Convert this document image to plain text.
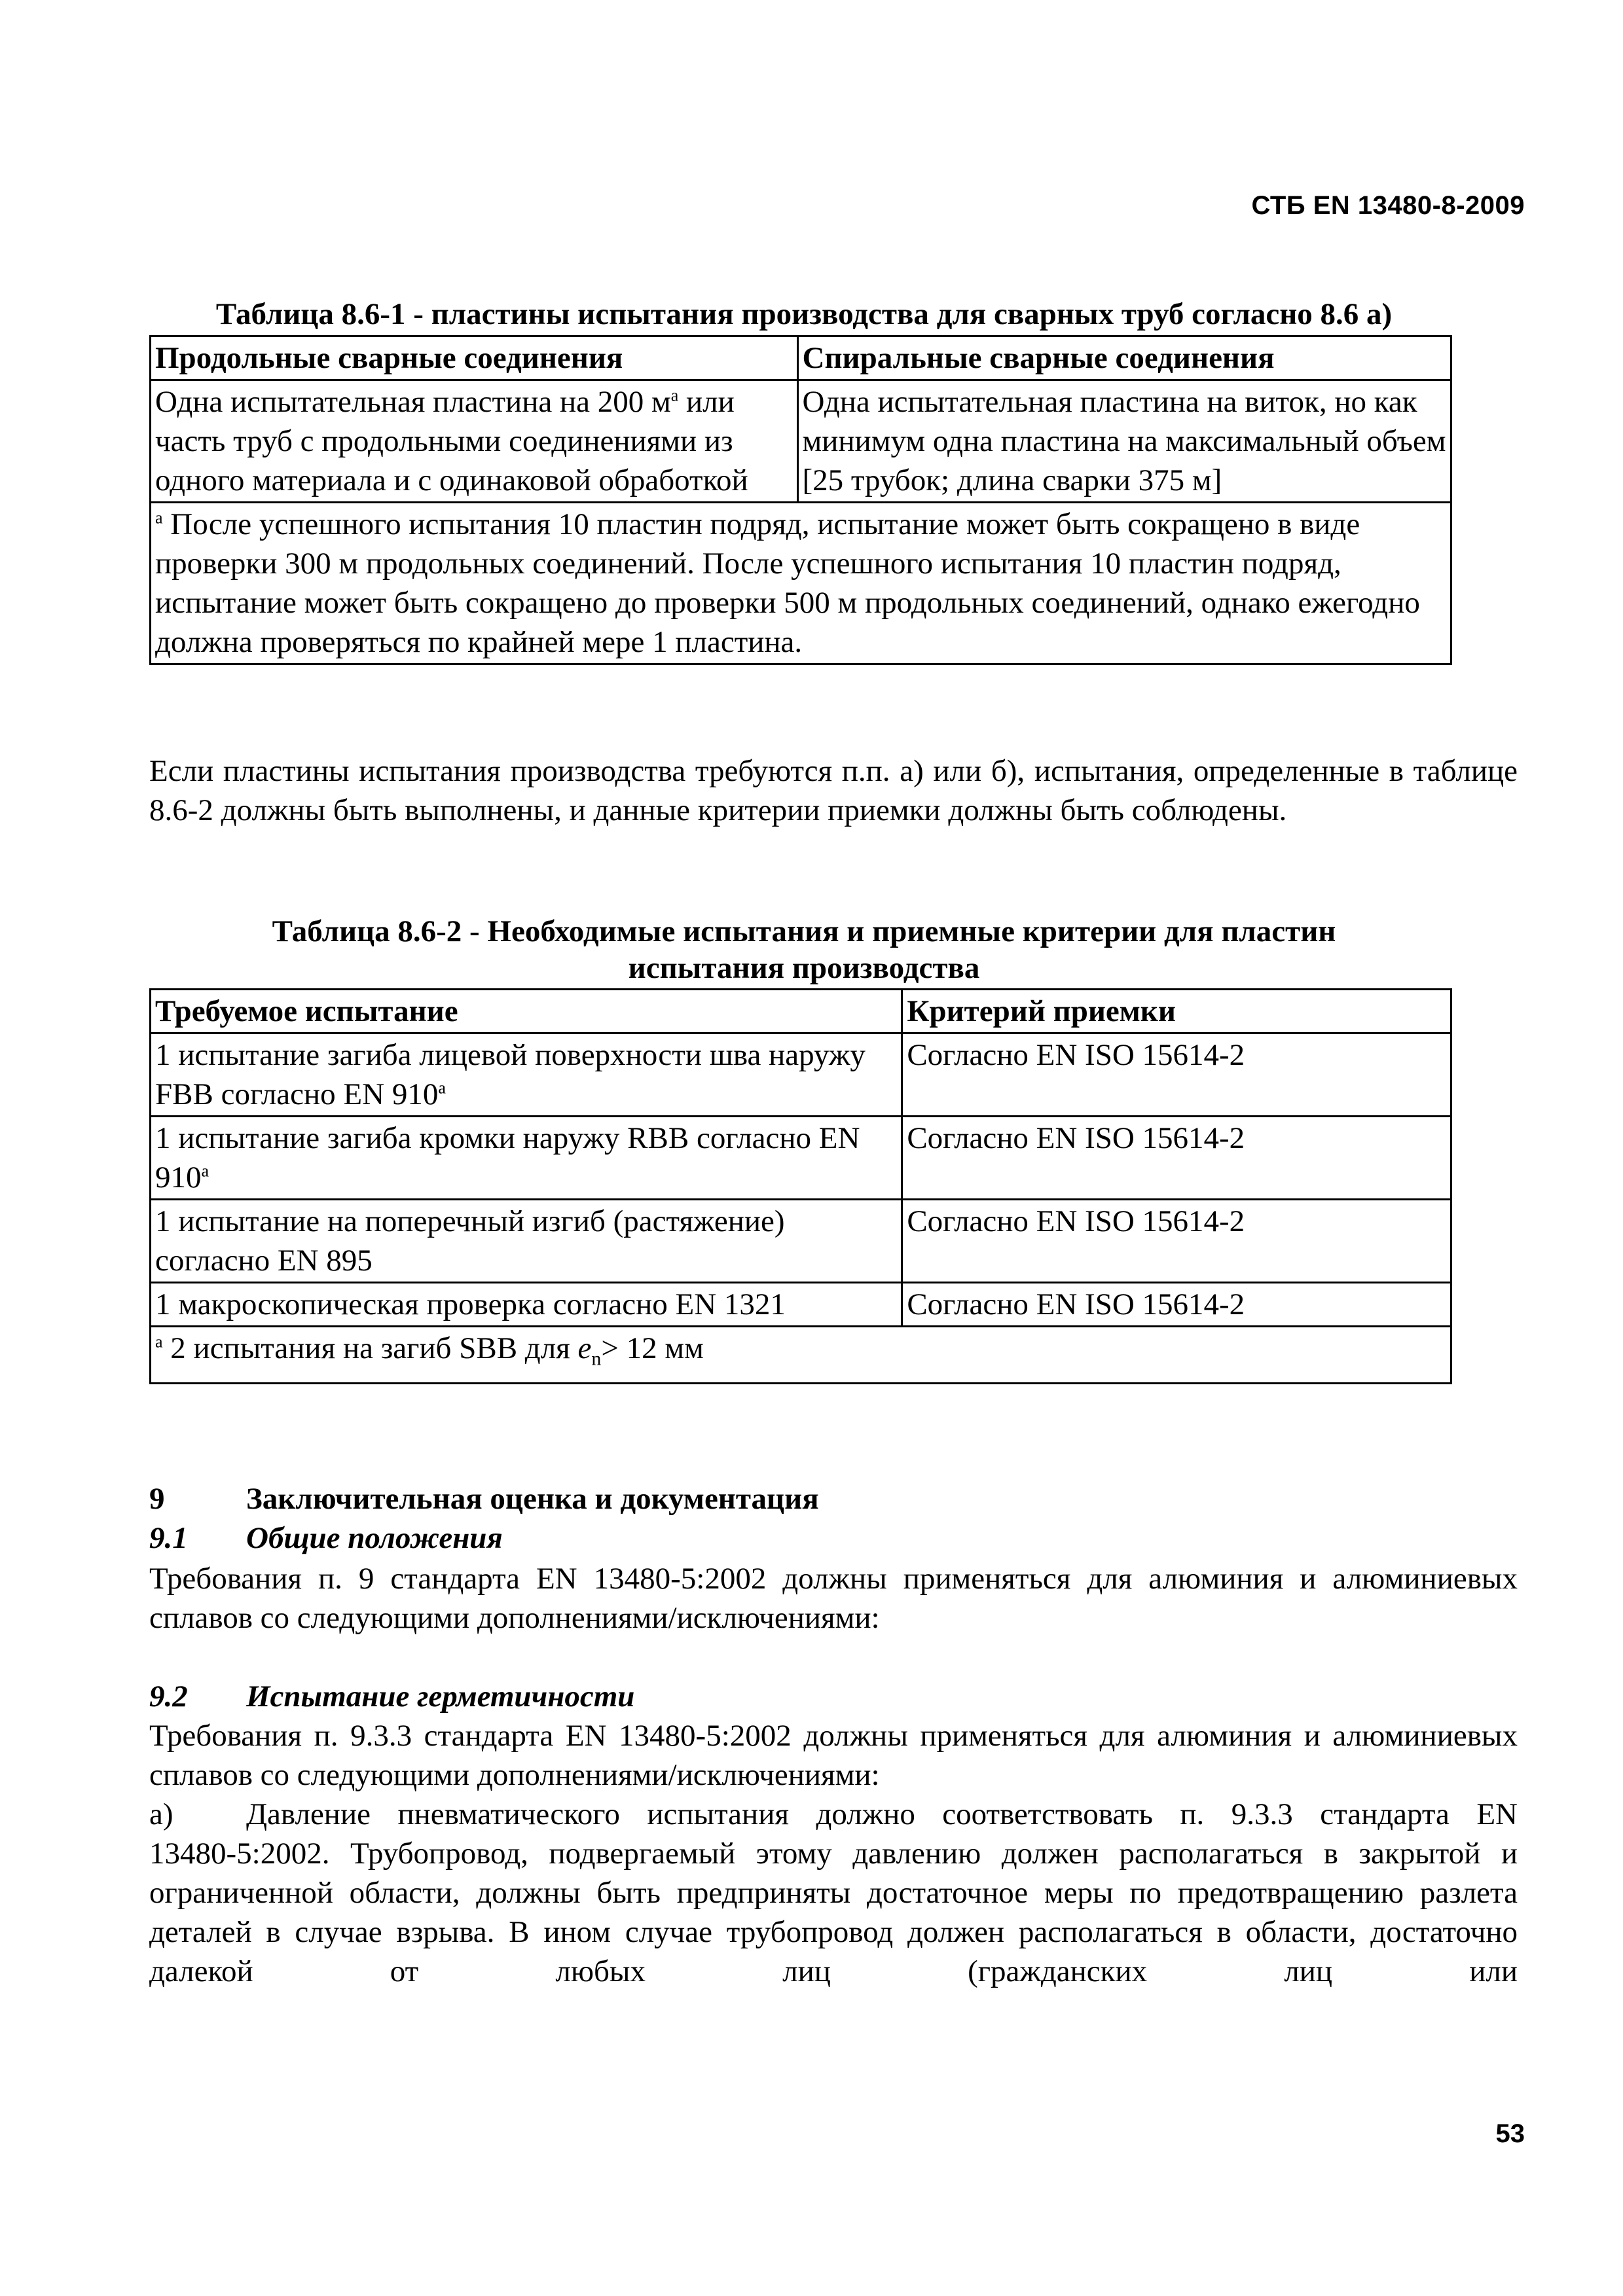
СТБ EN 13480-8-2009
Таблица 8.6-1 - пластины испытания производства для сварных труб согласно 8.6 а)
Продольные сварные соединения	Спиральные сварные соединения
Одна испытательная пластина на 200 $м^a$ или часть труб с продольными соединениями из одного материала и с одинаковой обработкой	Одна испытательная пластина на виток, но как минимум одна пластина на максимальный объем [25 трубок; длина сварки 375 м]
$^a$ После успешного испытания 10 пластин подряд, испытание может быть сокращено в виде проверки 300 м продольных соединений. После успешного испытания 10 пластин подряд, испытание может быть сокращено до проверки 500 м продольных соединений, однако ежегодно должна проверяться по крайней мере 1 пластина.	
Если пластины испытания производства требуются п.п. а) или б), испытания, определенные в таблице 8.6-2 должны быть выполнены, и данные критерии приемки должны быть соблюдены.
Таблица 8.6-2 - Необходимые испытания и приемные критерии для пластин
испытания производства
Требуемое испытание	Критерий приемки
1 испытание загиба лицевой поверхности шва наружу FBB согласно EN 910$^a$	Согласно EN ISO 15614-2
1 испытание загиба кромки наружу RBB согласно EN 910$^a$	Согласно EN ISO 15614-2
1 испытание на поперечный изгиб (растяжение) согласно EN 895	Согласно EN ISO 15614-2
1 макроскопическая проверка согласно EN 1321	Согласно EN ISO 15614-2
$^a$ 2 испытания на загиб SBB для $e_n> 12$ мм	
9	Заключительная оценка и документация
9.1 Общие положения
Требования п. 9 стандарта EN 13480-5:2002 должны применяться для алюминия и алюминиевых сплавов со следующими дополнениями/исключениями:
9.2 Испытание герметичности
Требования п. 9.3.3 стандарта EN 13480-5:2002 должны применяться для алюминия и алюминиевых сплавов со следующими дополнениями/исключениями:
а) Давление пневматического испытания должно соответствовать п. 9.3.3 стандарта EN
13480-5:2002. Трубопровод, подвергаемый этому давлению должен располагаться в закрытой и ограниченной области, должны быть предприняты достаточное меры по предотвращению разлета деталей в случае взрыва. В ином случае трубопровод должен располагаться в области, достаточно далекой от любых лиц (гражданских лиц или
53
